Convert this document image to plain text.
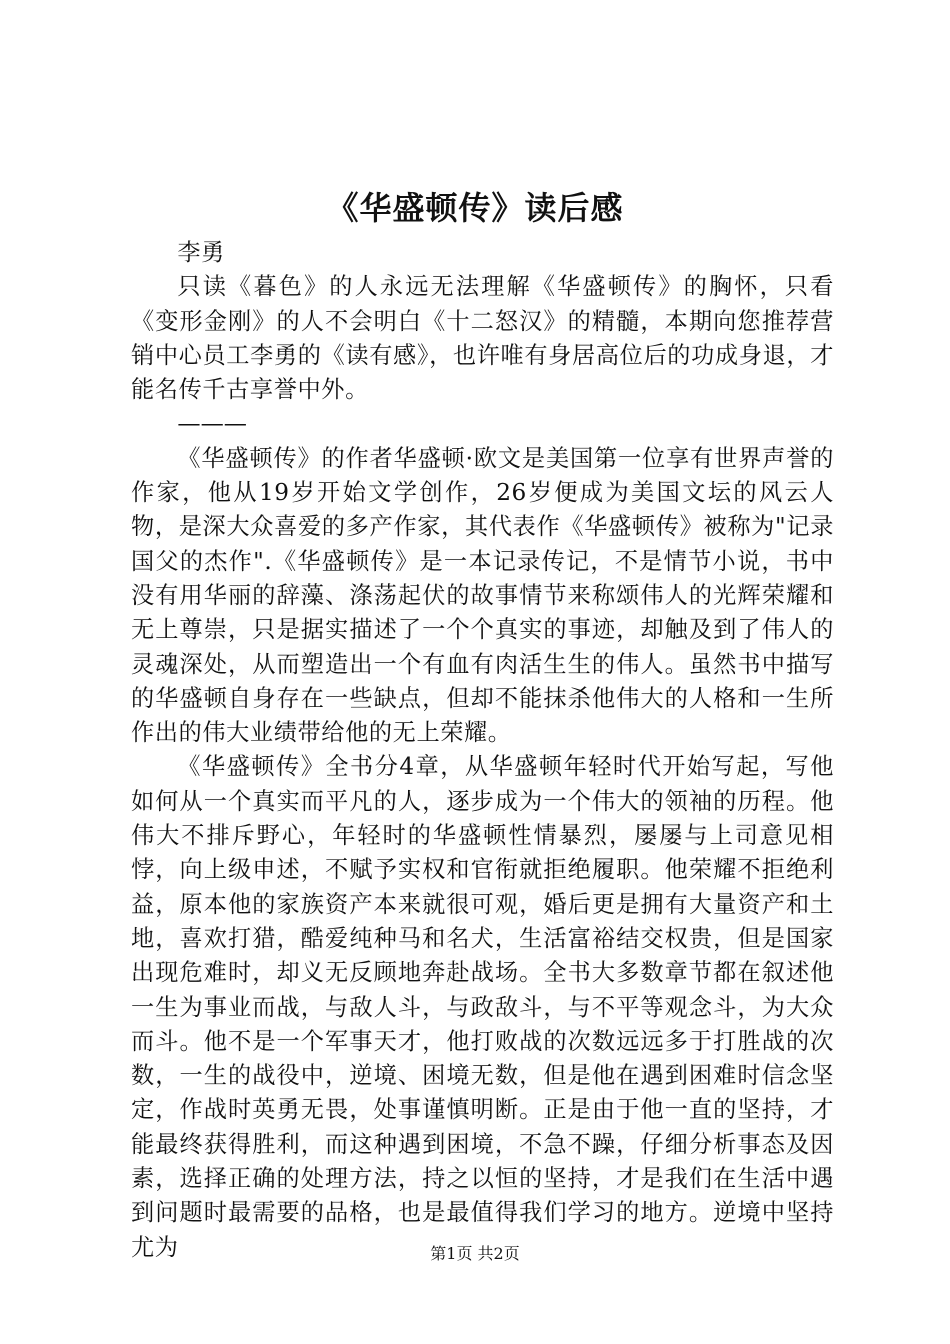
《华盛顿传》读后感

李勇

只读《暮色》的人永远无法理解《华盛顿传》的胸怀，只看《变形金刚》的人不会明白《十二怒汉》的精髓，本期向您推荐营销中心员工李勇的《读有感》，也许唯有身居高位后的功成身退，才能名传千古享誉中外。

———

《华盛顿传》的作者华盛顿·欧文是美国第一位享有世界声誉的作家，他从19岁开始文学创作，26岁便成为美国文坛的风云人物，是深大众喜爱的多产作家，其代表作《华盛顿传》被称为"记录国父的杰作".《华盛顿传》是一本记录传记，不是情节小说，书中没有用华丽的辞藻、涤荡起伏的故事情节来称颂伟人的光辉荣耀和无上尊崇，只是据实描述了一个个真实的事迹，却触及到了伟人的灵魂深处，从而塑造出一个有血有肉活生生的伟人。虽然书中描写的华盛顿自身存在一些缺点，但却不能抹杀他伟大的人格和一生所作出的伟大业绩带给他的无上荣耀。

《华盛顿传》全书分4章，从华盛顿年轻时代开始写起，写他如何从一个真实而平凡的人，逐步成为一个伟大的领袖的历程。他伟大不排斥野心，年轻时的华盛顿性情暴烈，屡屡与上司意见相悖，向上级申述，不赋予实权和官衔就拒绝履职。他荣耀不拒绝利益，原本他的家族资产本来就很可观，婚后更是拥有大量资产和土地，喜欢打猎，酷爱纯种马和名犬，生活富裕结交权贵，但是国家出现危难时，却义无反顾地奔赴战场。全书大多数章节都在叙述他一生为事业而战，与敌人斗，与政敌斗，与不平等观念斗，为大众而斗。他不是一个军事天才，他打败战的次数远远多于打胜战的次数，一生的战役中，逆境、困境无数，但是他在遇到困难时信念坚定，作战时英勇无畏，处事谨慎明断。正是由于他一直的坚持，才能最终获得胜利，而这种遇到困境，不急不躁，仔细分析事态及因素，选择正确的处理方法，持之以恒的坚持，才是我们在生活中遇到问题时最需要的品格，也是最值得我们学习的地方。逆境中坚持尤为	第1页 共2页
